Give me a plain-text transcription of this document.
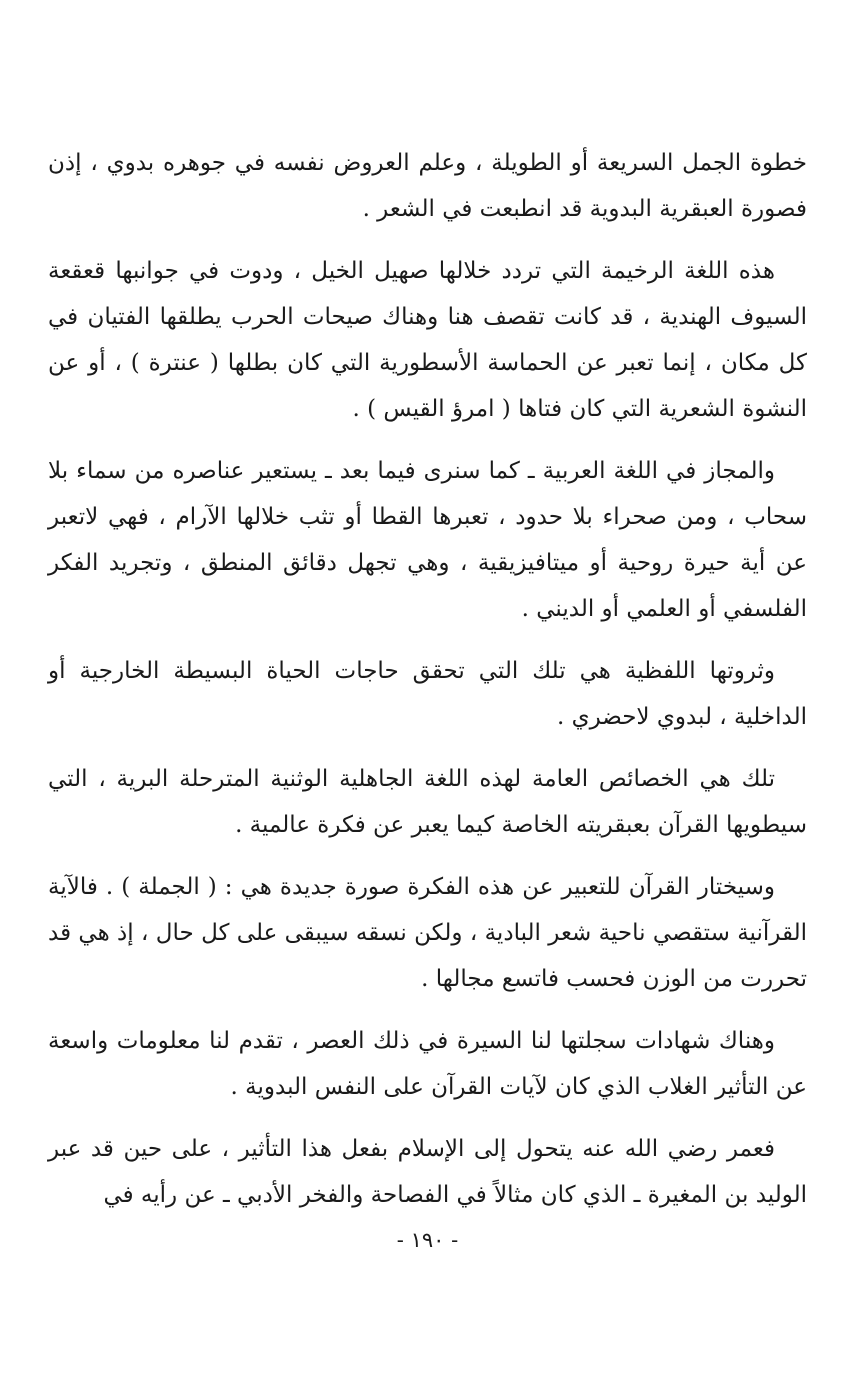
خطوة الجمل السريعة أو الطويلة ، وعلم العروض نفسه في جوهره بدوي ، إذن فصورة العبقرية البدوية قد انطبعت في الشعر .

هذه اللغة الرخيمة التي تردد خلالها صهيل الخيل ، ودوت في جوانبها قعقعة السيوف الهندية ، قد كانت تقصف هنا وهناك صيحات الحرب يطلقها الفتيان في كل مكان ، إنما تعبر عن الحماسة الأسطورية التي كان بطلها ( عنترة ) ، أو عن النشوة الشعرية التي كان فتاها ( امرؤ القيس ) .

والمجاز في اللغة العربية ـ كما سنرى فيما بعد ـ يستعير عناصره من سماء بلا سحاب ، ومن صحراء بلا حدود ، تعبرها القطا أو تثب خلالها الآرام ، فهي لاتعبر عن أية حيرة روحية أو ميتافيزيقية ، وهي تجهل دقائق المنطق ، وتجريد الفكر الفلسفي أو العلمي أو الديني .

وثروتها اللفظية هي تلك التي تحقق حاجات الحياة البسيطة الخارجية أو الداخلية ، لبدوي لاحضري .

تلك هي الخصائص العامة لهذه اللغة الجاهلية الوثنية المترحلة البرية ، التي سيطويها القرآن بعبقريته الخاصة كيما يعبر عن فكرة عالمية .

وسيختار القرآن للتعبير عن هذه الفكرة صورة جديدة هي : ( الجملة ) . فالآية القرآنية ستقصي ناحية شعر البادية ، ولكن نسقه سيبقى على كل حال ، إذ هي قد تحررت من الوزن فحسب فاتسع مجالها .

وهناك شهادات سجلتها لنا السيرة في ذلك العصر ، تقدم لنا معلومات واسعة عن التأثير الغلاب الذي كان لآيات القرآن على النفس البدوية .

فعمر رضي الله عنه يتحول إلى الإسلام بفعل هذا التأثير ، على حين قد عبر الوليد بن المغيرة ـ الذي كان مثالاً في الفصاحة والفخر الأدبي ـ عن رأيه في

- ١٩٠ -
